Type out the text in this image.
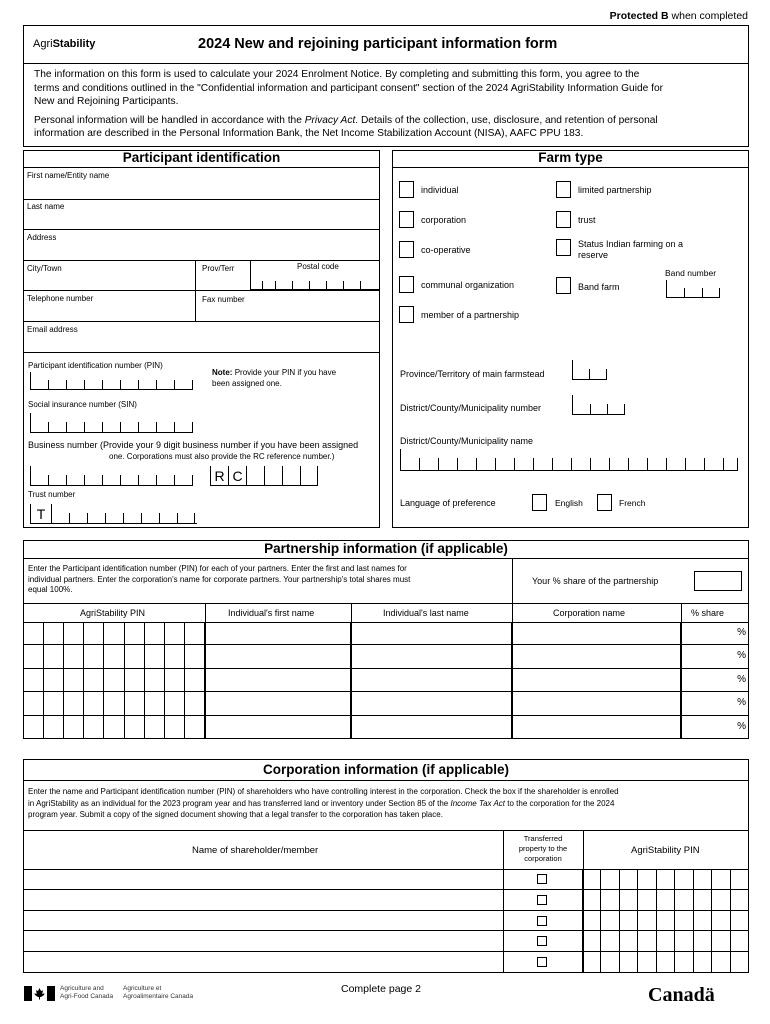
Protected B when completed
AgriStability	2024 New and rejoining participant information form
The information on this form is used to calculate your 2024 Enrolment Notice. By completing and submitting this form, you agree to the
terms and conditions outlined in the "Confidential information and participant consent" section of the 2024 AgriStability Information Guide for
New and Rejoining Participants.
Personal information will be handled in accordance with the Privacy Act. Details of the collection, use, disclosure, and retention of personal
information are described in the Personal Information Bank, the Net Income Stabilization Account (NISA), AAFC PPU 183.
Participant identification
First name/Entity name
Last name
Address
City/Town	Prov/Terr	Postal code
Telephone number	Fax number
Email address
Participant identification number (PIN)
Note: Provide your PIN if you have
been assigned one.
Social insurance number (SIN)
Business number (Provide your 9 digit business number if you have been assigned
one. Corporations must also provide the RC reference number.)
R C
Trust number
T
Farm type
individual	limited partnership
corporation	trust
co-operative
Status Indian farming on a
reserve
Band number
communal organization	Band farm
member of a partnership
Province/Territory of main farmstead
District/County/Municipality number
District/County/Municipality name
Language of preference	English	French
Partnership information (if applicable)
Enter the Participant identification number (PIN) for each of your partners. Enter the first and last names for
individual partners. Enter the corporation's name for corporate partners. Your partnership's total shares must
equal 100%.
Your % share of the partnership
AgriStability PIN	Individual's first name	Individual's last name	Corporation name	% share
%
%
%
%
%
Corporation information (if applicable)
Enter the name and Participant identification number (PIN) of shareholders who have controlling interest in the corporation. Check the box if the shareholder is enrolled
in AgriStability as an individual for the 2023 program year and has transferred land or inventory under Section 85 of the Income Tax Act to the corporation for the 2024
program year. Submit a copy of the signed document showing that a legal transfer to the corporation has taken place.
Name of shareholder/member
Transferred
property to the
corporation
AgriStability PIN
Agriculture and
Agri-Food Canada
Agriculture et
Agroalimentaire Canada
Complete page 2	Canadä
